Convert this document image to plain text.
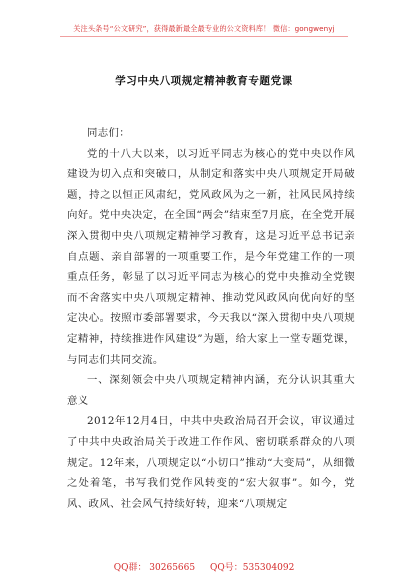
关注头条号“公文研究”，获得最新最全最专业的公文资料库！ 微信：gongwenyj
学习中央八项规定精神教育专题党课

同志们：

党的十八大以来，以习近平同志为核心的党中央以作风建设为切入点和突破口，从制定和落实中央八项规定开局破题，持之以恒正风肃纪，党风政风为之一新，社风民风持续向好。党中央决定，在全国“两会”结束至7月底，在全党开展深入贯彻中央八项规定精神学习教育，这是习近平总书记亲自点题、亲自部署的一项重要工作，是今年党建工作的一项重点任务，彰显了以习近平同志为核心的党中央推动全党锲而不舍落实中央八项规定精神、推动党风政风向优向好的坚定决心。按照市委部署要求，今天我以“深入贯彻中央八项规定精神，持续推进作风建设”为题，给大家上一堂专题党课，与同志们共同交流。

一、深刻领会中央八项规定精神内涵，充分认识其重大意义

2012年12月4日，中共中央政治局召开会议，审议通过了中共中央政治局关于改进工作作风、密切联系群众的八项规定。12年来，八项规定以“小切口”推动“大变局”，从细微之处着笔，书写我们党作风转变的“宏大叙事”。如今，党风、政风、社会风气持续好转，迎来“八项规定

QQ群： 30265665 QQ号：535304092
